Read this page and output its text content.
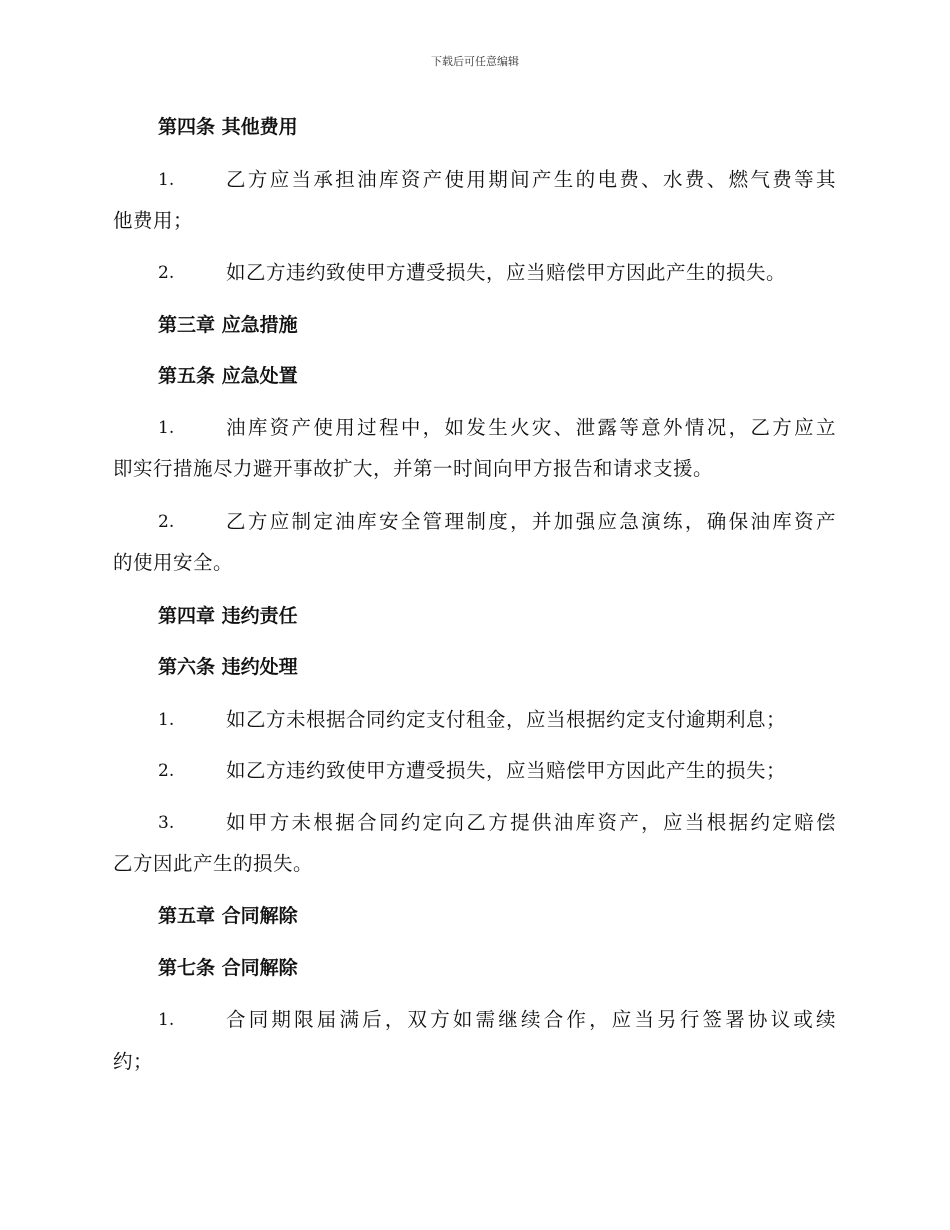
下载后可任意编辑
第四条 其他费用
1.	乙方应当承担油库资产使用期间产生的电费、水费、燃气费等其
他费用；
2.	如乙方违约致使甲方遭受损失，应当赔偿甲方因此产生的损失。
第三章 应急措施
第五条 应急处置
1.	油库资产使用过程中，如发生火灾、泄露等意外情况，乙方应立
即实行措施尽力避开事故扩大，并第一时间向甲方报告和请求支援。
2.	乙方应制定油库安全管理制度，并加强应急演练，确保油库资产
的使用安全。
第四章 违约责任
第六条 违约处理
1.	如乙方未根据合同约定支付租金，应当根据约定支付逾期利息；
2.	如乙方违约致使甲方遭受损失，应当赔偿甲方因此产生的损失；
3.	如甲方未根据合同约定向乙方提供油库资产，应当根据约定赔偿
乙方因此产生的损失。
第五章 合同解除
第七条 合同解除
1.	合同期限届满后，双方如需继续合作，应当另行签署协议或续
约；
